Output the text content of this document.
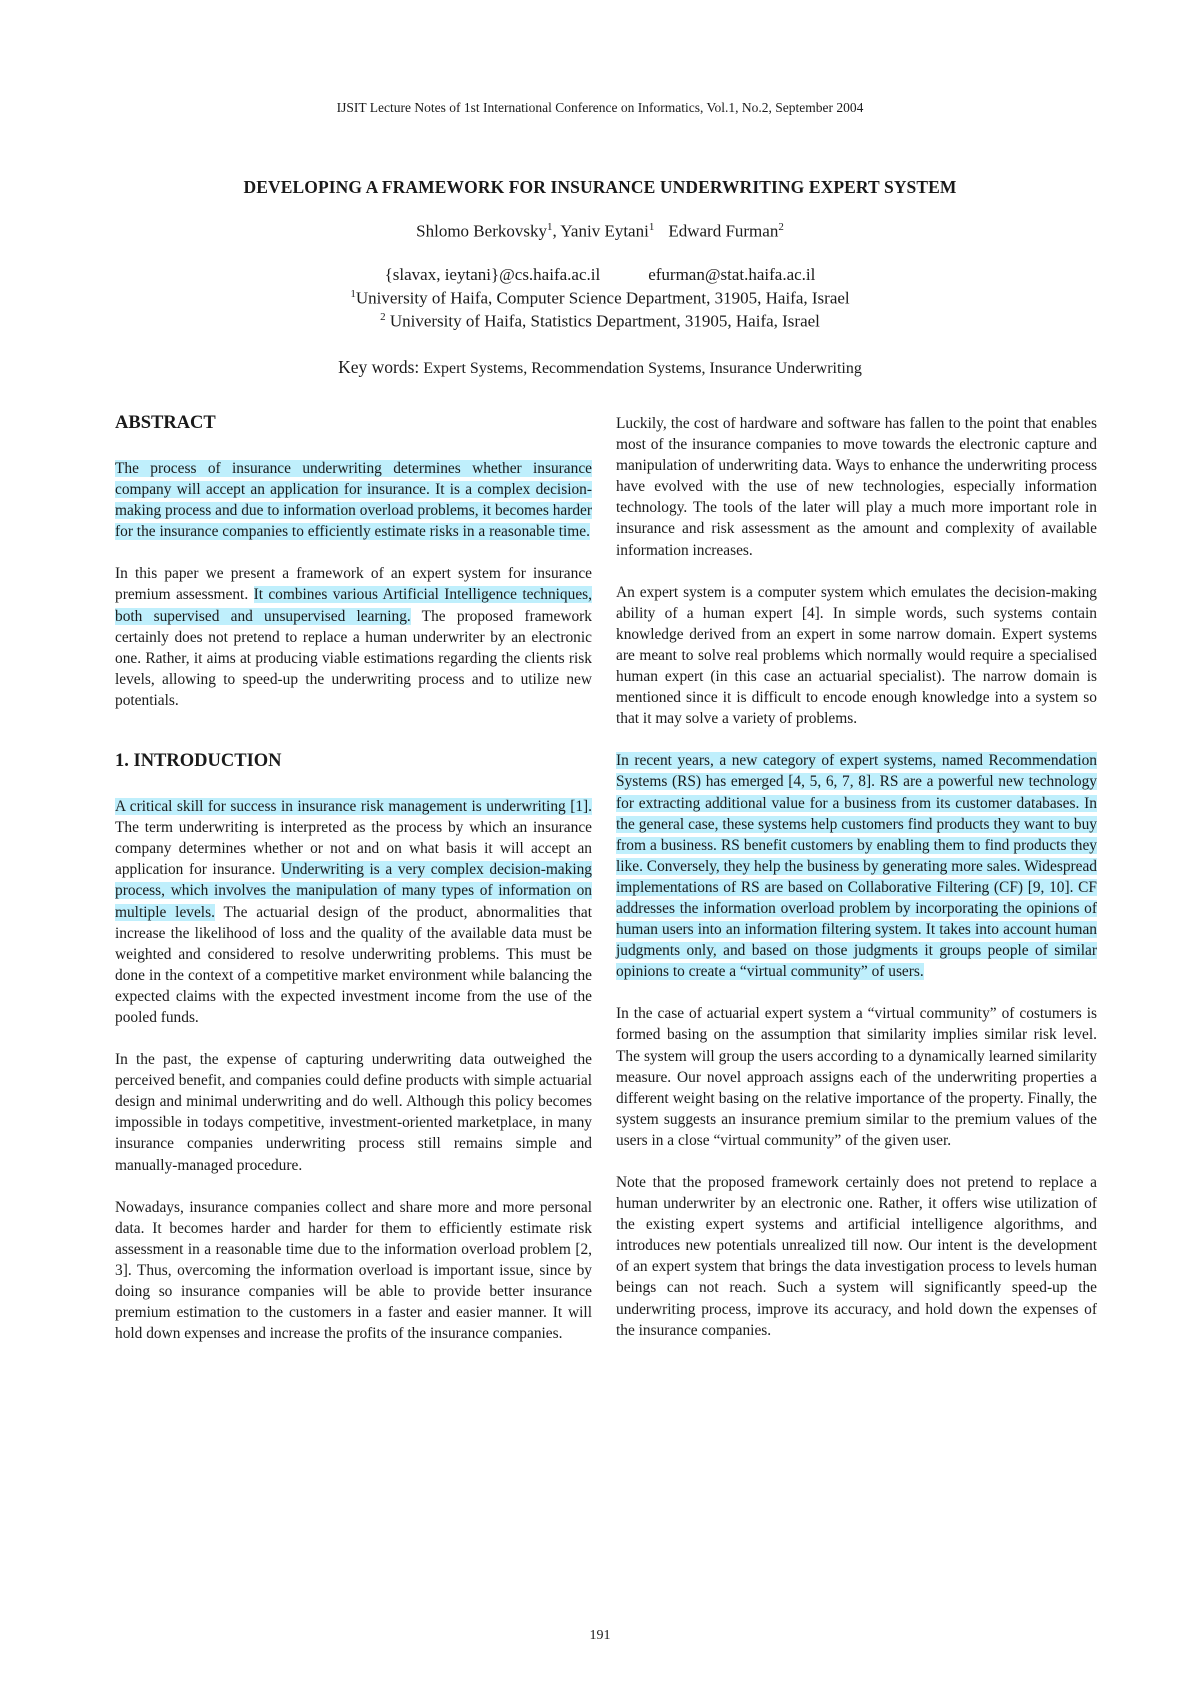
IJSIT Lecture Notes of 1st International Conference on Informatics, Vol.1, No.2, September 2004
DEVELOPING A FRAMEWORK FOR INSURANCE UNDERWRITING EXPERT SYSTEM
Shlomo Berkovsky$^1$, Yaniv Eytani$^1$ Edward Furman$^2$
{slavax, ieytani}@cs.haifa.ac.il	efurman@stat.haifa.ac.il
$^1$University of Haifa, Computer Science Department, 31905, Haifa, Israel
$^2$ University of Haifa, Statistics Department, 31905, Haifa, Israel
Key words: Expert Systems, Recommendation Systems, Insurance Underwriting
ABSTRACT

The process of insurance underwriting determines whether insurance company will accept an application for insurance. It is a complex decision-making process and due to information overload problems, it becomes harder for the insurance companies to efficiently estimate risks in a reasonable time.

In this paper we present a framework of an expert system for insurance premium assessment. It combines various Artificial Intelligence techniques, both supervised and unsupervised learning. The proposed framework certainly does not pretend to replace a human underwriter by an electronic one. Rather, it aims at producing viable estimations regarding the clients risk levels, allowing to speed-up the underwriting process and to utilize new potentials.

1. INTRODUCTION

A critical skill for success in insurance risk management is underwriting [1]. The term underwriting is interpreted as the process by which an insurance company determines whether or not and on what basis it will accept an application for insurance. Underwriting is a very complex decision-making process, which involves the manipulation of many types of information on multiple levels. The actuarial design of the product, abnormalities that increase the likelihood of loss and the quality of the available data must be weighted and considered to resolve underwriting problems. This must be done in the context of a competitive market environment while balancing the expected claims with the expected investment income from the use of the pooled funds.

In the past, the expense of capturing underwriting data outweighed the perceived benefit, and companies could define products with simple actuarial design and minimal underwriting and do well. Although this policy becomes impossible in todays competitive, investment-oriented marketplace, in many insurance companies underwriting process still remains simple and manually-managed procedure.

Nowadays, insurance companies collect and share more and more personal data. It becomes harder and harder for them to efficiently estimate risk assessment in a reasonable time due to the information overload problem [2, 3]. Thus, overcoming the information overload is important issue, since by doing so insurance companies will be able to provide better insurance premium estimation to the customers in a faster and easier manner. It will hold down expenses and increase the profits of the insurance companies.

Luckily, the cost of hardware and software has fallen to the point that enables most of the insurance companies to move towards the electronic capture and manipulation of underwriting data. Ways to enhance the underwriting process have evolved with the use of new technologies, especially information technology. The tools of the later will play a much more important role in insurance and risk assessment as the amount and complexity of available information increases.

An expert system is a computer system which emulates the decision-making ability of a human expert [4]. In simple words, such systems contain knowledge derived from an expert in some narrow domain. Expert systems are meant to solve real problems which normally would require a specialised human expert (in this case an actuarial specialist). The narrow domain is mentioned since it is difficult to encode enough knowledge into a system so that it may solve a variety of problems.

In recent years, a new category of expert systems, named Recommendation Systems (RS) has emerged [4, 5, 6, 7, 8]. RS are a powerful new technology for extracting additional value for a business from its customer databases. In the general case, these systems help customers find products they want to buy from a business. RS benefit customers by enabling them to find products they like. Conversely, they help the business by generating more sales. Widespread implementations of RS are based on Collaborative Filtering (CF) [9, 10]. CF addresses the information overload problem by incorporating the opinions of human users into an information filtering system. It takes into account human judgments only, and based on those judgments it groups people of similar opinions to create a “virtual community” of users.

In the case of actuarial expert system a “virtual community” of costumers is formed basing on the assumption that similarity implies similar risk level. The system will group the users according to a dynamically learned similarity measure. Our novel approach assigns each of the underwriting properties a different weight basing on the relative importance of the property. Finally, the system suggests an insurance premium similar to the premium values of the users in a close “virtual community” of the given user.

Note that the proposed framework certainly does not pretend to replace a human underwriter by an electronic one. Rather, it offers wise utilization of the existing expert systems and artificial intelligence algorithms, and introduces new potentials unrealized till now. Our intent is the development of an expert system that brings the data investigation process to levels human beings can not reach. Such a system will significantly speed-up the underwriting process, improve its accuracy, and hold down the expenses of the insurance companies.

191
